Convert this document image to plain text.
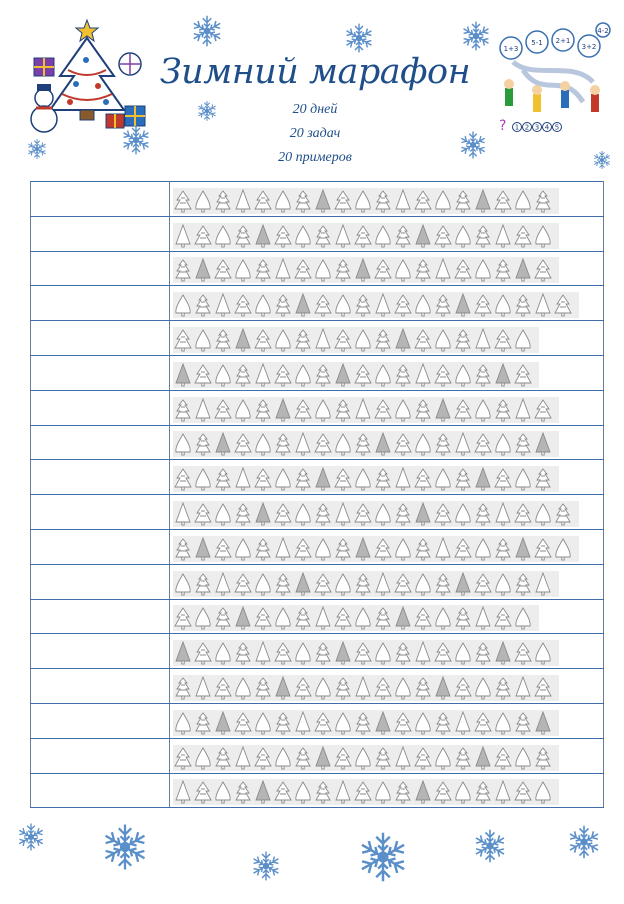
1+3
5-1 2+1
3+2
4-2
? 1 2 3 4 5
Зимний марафон
20 дней
20 задач
20 примеров
